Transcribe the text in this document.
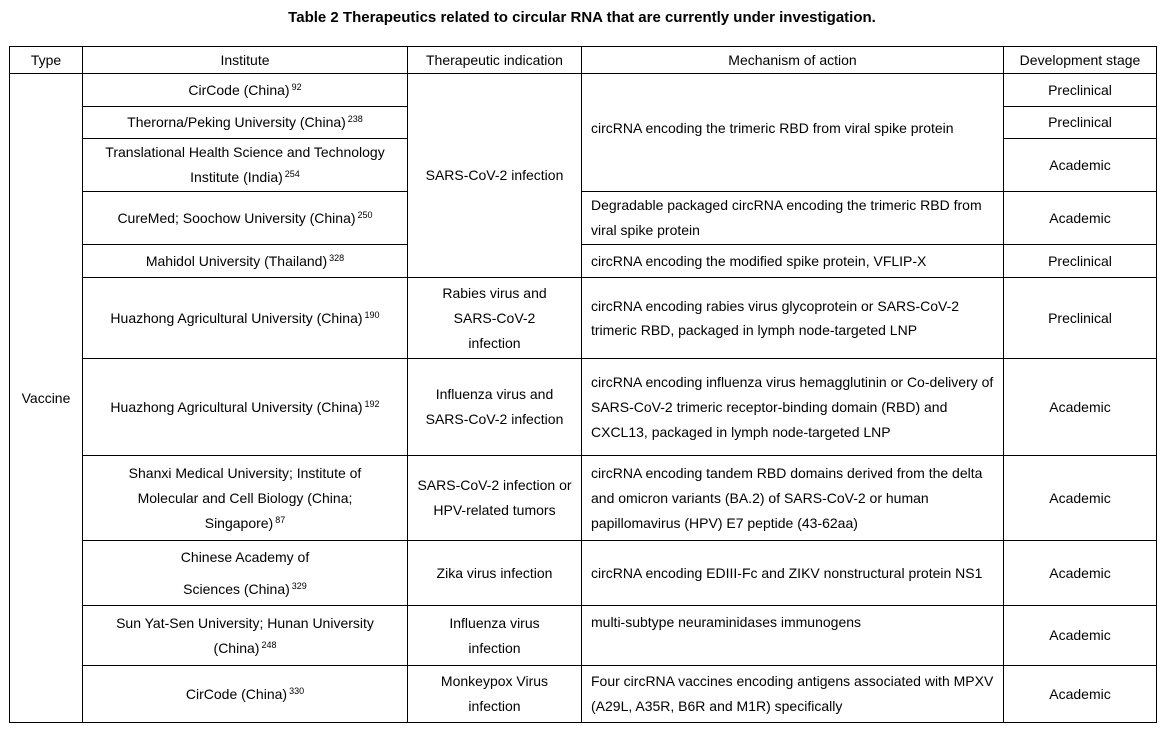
Table 2 Therapeutics related to circular RNA that are currently under investigation.
Type	Institute	Therapeutic indication	Mechanism of action	Development stage
Vaccine	CirCode (China) $^{92}$	SARS-CoV-2 infection	circRNA encoding the trimeric RBD from viral spike protein	Preclinical
	Therorna/Peking University (China) $^{238}$			Preclinical
	Translational Health Science and Technology Institute (India) $^{254}$			Academic
	CureMed; Soochow University (China) $^{250}$		Degradable packaged circRNA encoding the trimeric RBD from viral spike protein	Academic
	Mahidol University (Thailand) $^{328}$		circRNA encoding the modified spike protein, VFLIP-X	Preclinical
	Huazhong Agricultural University (China) $^{190}$	Rabies virus and SARS-CoV-2 infection	circRNA encoding rabies virus glycoprotein or SARS-CoV-2 trimeric RBD, packaged in lymph node-targeted LNP	Preclinical
	Huazhong Agricultural University (China) $^{192}$	Influenza virus and SARS-CoV-2 infection	circRNA encoding influenza virus hemagglutinin or Co-delivery of SARS-CoV-2 trimeric receptor-binding domain (RBD) and CXCL13, packaged in lymph node-targeted LNP	Academic
	Shanxi Medical University; Institute of Molecular and Cell Biology (China; Singapore) $^{87}$	SARS-CoV-2 infection or HPV-related tumors	circRNA encoding tandem RBD domains derived from the delta and omicron variants (BA.2) of SARS-CoV-2 or human papillomavirus (HPV) E7 peptide (43-62aa)	Academic
	Chinese Academy of Sciences (China) $^{329}$	Zika virus infection	circRNA encoding EDIII-Fc and ZIKV nonstructural protein NS1	Academic
	Sun Yat-Sen University; Hunan University (China) $^{248}$	Influenza virus infection	multi-subtype neuraminidases immunogens	Academic
	CirCode (China) $^{330}$	Monkeypox Virus infection	Four circRNA vaccines encoding antigens associated with MPXV (A29L, A35R, B6R and M1R) specifically	Academic
